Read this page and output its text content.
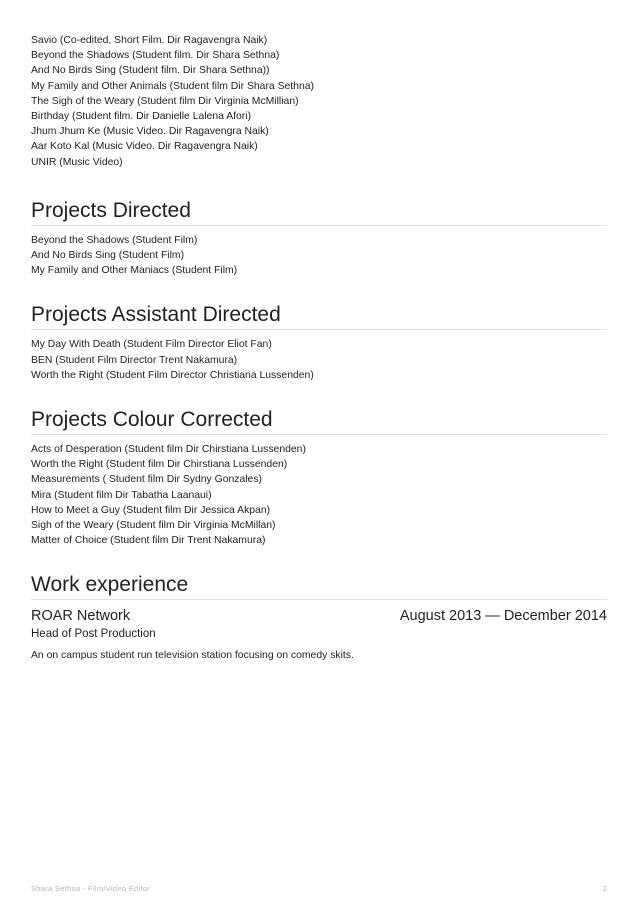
Savio (Co-edited, Short Film. Dir Ragavengra Naik)
Beyond the Shadows (Student film. Dir Shara Sethna)
And No Birds Sing (Student film. Dir Shara Sethna))
My Family and Other Animals (Student film Dir Shara Sethna)
The Sigh of the Weary (Student film Dir Virginia McMillian)
Birthday (Student film. Dir Danielle Lalena Afori)
Jhum Jhum Ke (Music Video. Dir Ragavengra Naik)
Aar Koto Kal (Music Video. Dir Ragavengra Naik)
UNIR (Music Video)
Projects Directed
Beyond the Shadows (Student Film)
And No Birds Sing (Student Film)
My Family and Other Maniacs (Student Film)
Projects Assistant Directed
My Day With Death (Student Film Director Eliot Fan)
BEN (Student Film Director Trent Nakamura)
Worth the Right (Student Film Director Christiana Lussenden)
Projects Colour Corrected
Acts of Desperation (Student film Dir Chirstiana Lussenden)
Worth the Right (Student film Dir Chirstiana Lussenden)
Measurements ( Student film Dir Sydny Gonzales)
Mira (Student film Dir Tabatha Laanaui)
How to Meet a Guy (Student film Dir Jessica Akpan)
Sigh of the Weary (Student film Dir Virginia McMillan)
Matter of Choice (Student film Dir Trent Nakamura)
Work experience
ROAR Network	August 2013 — December 2014
Head of Post Production
An on campus student run television station focusing on comedy skits.
Shara Sethna - Film/Video Editor	2
